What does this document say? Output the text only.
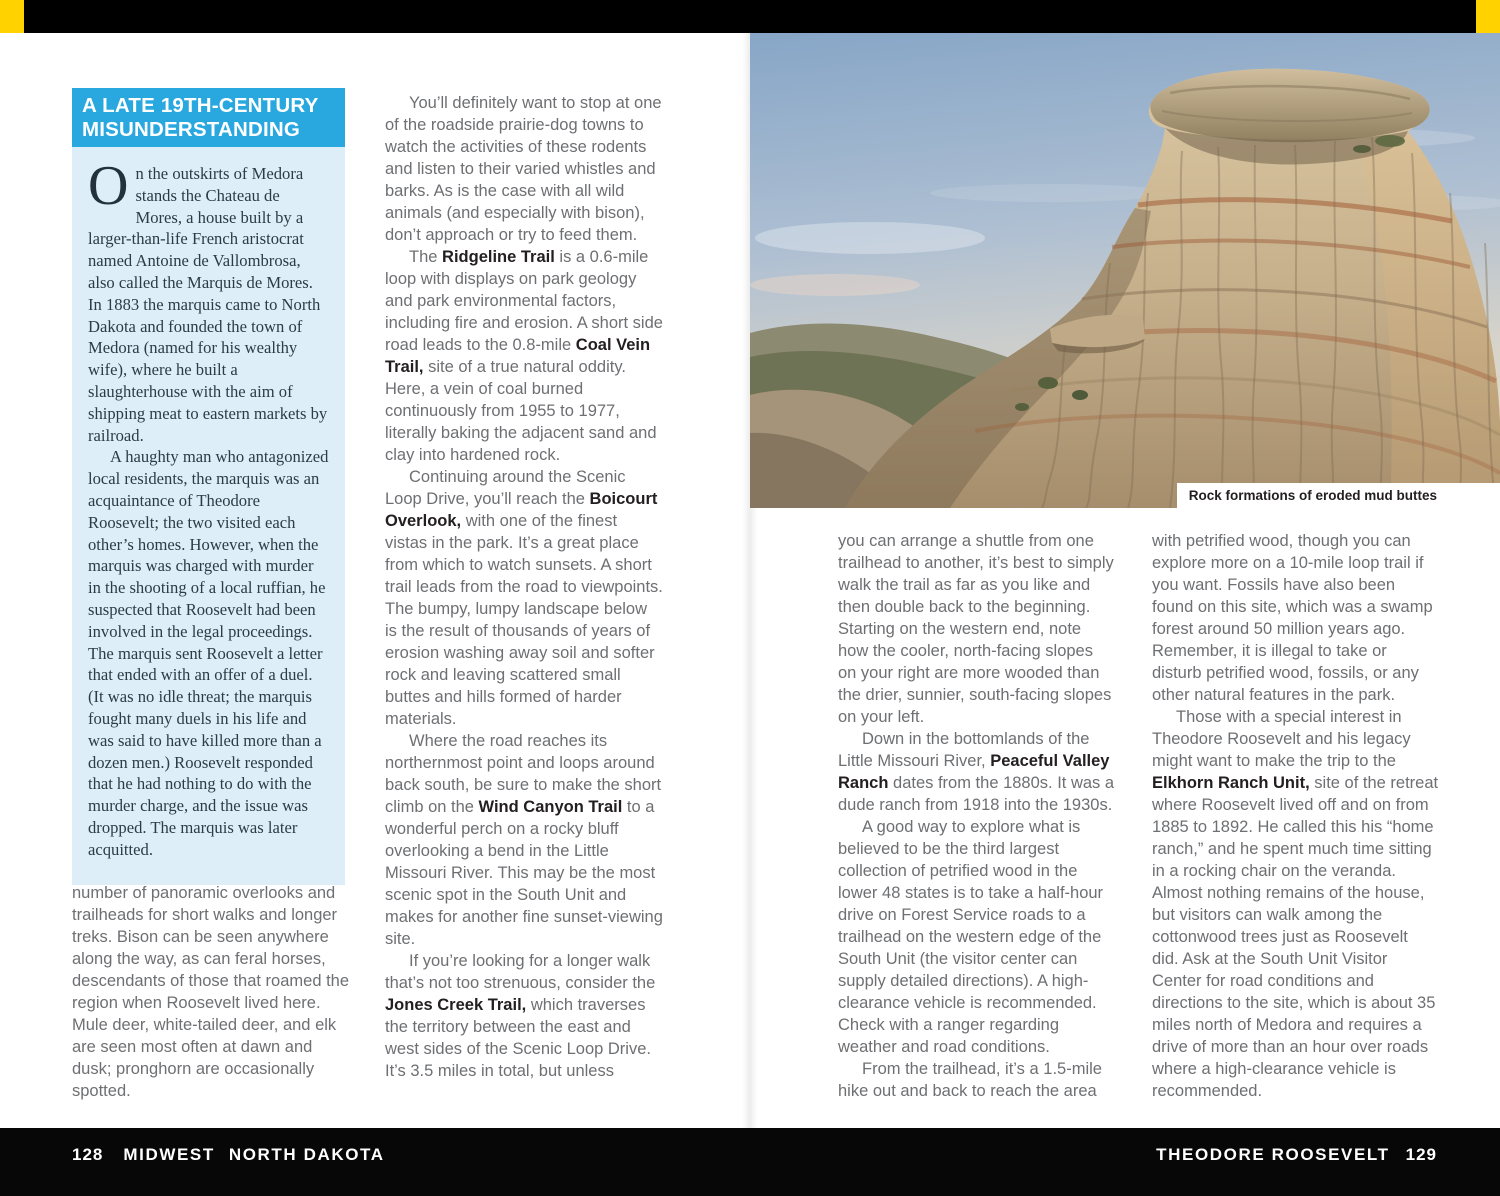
A LATE 19TH-CENTURY
MISUNDERSTANDING

On the outskirts of Medora stands the Chateau de Mores, a house built by a larger-than-life French aristocrat named Antoine de Vallombrosa, also called the Marquis de Mores. In 1883 the marquis came to North Dakota and founded the town of Medora (named for his wealthy wife), where he built a slaughterhouse with the aim of shipping meat to eastern markets by railroad.

A haughty man who antagonized local residents, the marquis was an acquaintance of Theodore Roosevelt; the two visited each other’s homes. However, when the marquis was charged with murder in the shooting of a local ruffian, he suspected that Roosevelt had been involved in the legal proceedings. The marquis sent Roosevelt a letter that ended with an offer of a duel. (It was no idle threat; the marquis fought many duels in his life and was said to have killed more than a dozen men.) Roosevelt responded that he had nothing to do with the murder charge, and the issue was dropped. The marquis was later acquitted.

number of panoramic overlooks and trailheads for short walks and longer treks. Bison can be seen anywhere along the way, as can feral horses, descendants of those that roamed the region when Roosevelt lived here. Mule deer, white-tailed deer, and elk are seen most often at dawn and dusk; pronghorn are occasionally spotted.

You’ll definitely want to stop at one of the roadside prairie-dog towns to watch the activities of these rodents and listen to their varied whistles and barks. As is the case with all wild animals (and especially with bison), don’t approach or try to feed them.

The Ridgeline Trail is a 0.6-mile loop with displays on park geology and park environmental factors, including fire and erosion. A short side road leads to the 0.8-mile Coal Vein Trail, site of a true natural oddity. Here, a vein of coal burned continuously from 1955 to 1977, literally baking the adjacent sand and clay into hardened rock.

Continuing around the Scenic Loop Drive, you’ll reach the Boicourt Overlook, with one of the finest vistas in the park. It’s a great place from which to watch sunsets. A short trail leads from the road to viewpoints. The bumpy, lumpy landscape below is the result of thousands of years of erosion washing away soil and softer rock and leaving scattered small buttes and hills formed of harder materials.

Where the road reaches its northernmost point and loops around back south, be sure to make the short climb on the Wind Canyon Trail to a wonderful perch on a rocky bluff overlooking a bend in the Little Missouri River. This may be the most scenic spot in the South Unit and makes for another fine sunset-viewing site.

If you’re looking for a longer walk that’s not too strenuous, consider the Jones Creek Trail, which traverses the territory between the east and west sides of the Scenic Loop Drive. It’s 3.5 miles in total, but unless

Rock formations of eroded mud buttes

you can arrange a shuttle from one trailhead to another, it’s best to simply walk the trail as far as you like and then double back to the beginning. Starting on the western end, note how the cooler, north-facing slopes on your right are more wooded than the drier, sunnier, south-facing slopes on your left.

Down in the bottomlands of the Little Missouri River, Peaceful Valley Ranch dates from the 1880s. It was a dude ranch from 1918 into the 1930s.

A good way to explore what is believed to be the third largest collection of petrified wood in the lower 48 states is to take a half-hour drive on Forest Service roads to a trailhead on the western edge of the South Unit (the visitor center can supply detailed directions). A high-clearance vehicle is recommended. Check with a ranger regarding weather and road conditions.

From the trailhead, it’s a 1.5-mile hike out and back to reach the area

with petrified wood, though you can explore more on a 10-mile loop trail if you want. Fossils have also been found on this site, which was a swamp forest around 50 million years ago. Remember, it is illegal to take or disturb petrified wood, fossils, or any other natural features in the park.

Those with a special interest in Theodore Roosevelt and his legacy might want to make the trip to the Elkhorn Ranch Unit, site of the retreat where Roosevelt lived off and on from 1885 to 1892. He called this his “home ranch,” and he spent much time sitting in a rocking chair on the veranda. Almost nothing remains of the house, but visitors can walk among the cottonwood trees just as Roosevelt did. Ask at the South Unit Visitor Center for road conditions and directions to the site, which is about 35 miles north of Medora and requires a drive of more than an hour over roads where a high-clearance vehicle is recommended.

128 MIDWEST NORTH DAKOTA	THEODORE ROOSEVELT 129
